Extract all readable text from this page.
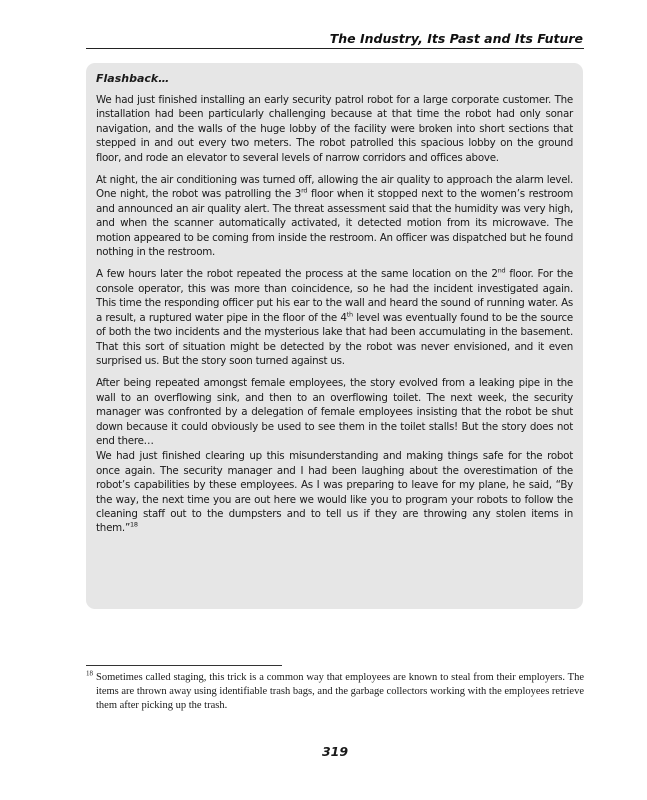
The Industry, Its Past and Its Future
Flashback…

We had just finished installing an early security patrol robot for a large corporate customer. The installation had been particularly challenging because at that time the robot had only sonar navigation, and the walls of the huge lobby of the facility were broken into short sections that stepped in and out every two meters. The robot patrolled this spacious lobby on the ground floor, and rode an elevator to several levels of narrow corridors and offices above.

At night, the air conditioning was turned off, allowing the air quality to approach the alarm level. One night, the robot was patrolling the 3rd floor when it stopped next to the women’s restroom and announced an air quality alert. The threat assessment said that the humidity was very high, and when the scanner automatically activated, it detected motion from its microwave. The motion appeared to be coming from inside the restroom. An officer was dispatched but he found nothing in the restroom.

A few hours later the robot repeated the process at the same location on the 2nd floor. For the console operator, this was more than coincidence, so he had the incident investigated again. This time the responding officer put his ear to the wall and heard the sound of running water. As a result, a ruptured water pipe in the floor of the 4th level was eventually found to be the source of both the two incidents and the mysterious lake that had been accumulating in the basement. That this sort of situation might be detected by the robot was never envisioned, and it even surprised us. But the story soon turned against us.

After being repeated amongst female employees, the story evolved from a leaking pipe in the wall to an overflowing sink, and then to an overflowing toilet. The next week, the security manager was confronted by a delegation of female employees insisting that the robot be shut down because it could obviously be used to see them in the toilet stalls! But the story does not end there…

We had just finished clearing up this misunderstanding and making things safe for the robot once again. The security manager and I had been laughing about the overestimation of the robot’s capabilities by these employees. As I was preparing to leave for my plane, he said, “By the way, the next time you are out here we would like you to program your robots to follow the cleaning staff out to the dumpsters and to tell us if they are throwing any stolen items in them.”$^{18}$

$^{18}$ Sometimes called staging, this trick is a common way that employees are known to steal from their employers. The items are thrown away using identifiable trash bags, and the garbage collectors working with the employees retrieve them after picking up the trash.
319
